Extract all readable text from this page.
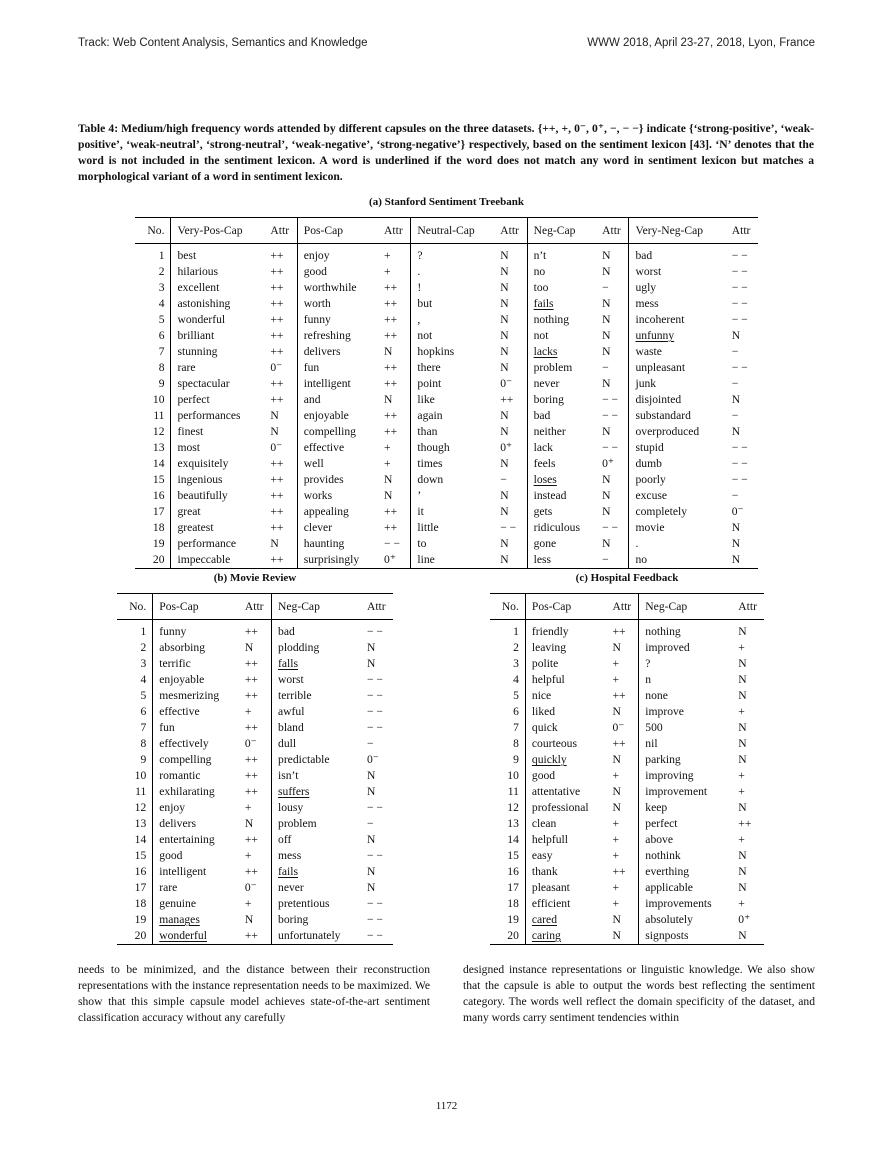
Track: Web Content Analysis, Semantics and Knowledge	WWW 2018, April 23-27, 2018, Lyon, France
Table 4: Medium/high frequency words attended by different capsules on the three datasets. {++, +, 0⁻, 0⁺, −, − −} indicate {‘strong-positive’, ‘weak-positive’, ‘weak-neutral’, ‘strong-neutral’, ‘weak-negative’, ‘strong-negative’} respectively, based on the sentiment lexicon [43]. ‘N’ denotes that the word is not included in the sentiment lexicon. A word is underlined if the word does not match any word in sentiment lexicon but matches a morphological variant of a word in sentiment lexicon.
(a) Stanford Sentiment Treebank
No.	Very-Pos-Cap	Attr	Pos-Cap	Attr	Neutral-Cap	Attr	Neg-Cap	Attr	Very-Neg-Cap	Attr
1	best	++	enjoy	+	?	N	n’t	N	bad	− −
2	hilarious	++	good	+	.	N	no	N	worst	− −
3	excellent	++	worthwhile	++	!	N	too	−	ugly	− −
4	astonishing	++	worth	++	but	N	fails	N	mess	− −
5	wonderful	++	funny	++	,	N	nothing	N	incoherent	− −
6	brilliant	++	refreshing	++	not	N	not	N	unfunny	N
7	stunning	++	delivers	N	hopkins	N	lacks	N	waste	−
8	rare	0⁻	fun	++	there	N	problem	−	unpleasant	− −
9	spectacular	++	intelligent	++	point	0⁻	never	N	junk	−
10	perfect	++	and	N	like	++	boring	− −	disjointed	N
11	performances	N	enjoyable	++	again	N	bad	− −	substandard	−
12	finest	N	compelling	++	than	N	neither	N	overproduced	N
13	most	0⁻	effective	+	though	0⁺	lack	− −	stupid	− −
14	exquisitely	++	well	+	times	N	feels	0⁺	dumb	− −
15	ingenious	++	provides	N	down	−	loses	N	poorly	− −
16	beautifully	++	works	N	’	N	instead	N	excuse	−
17	great	++	appealing	++	it	N	gets	N	completely	0⁻
18	greatest	++	clever	++	little	− −	ridiculous	− −	movie	N
19	performance	N	haunting	− −	to	N	gone	N	.	N
20	impeccable	++	surprisingly	0⁺	line	N	less	−	no	N
(b) Movie Review
No.	Pos-Cap	Attr	Neg-Cap	Attr
1	funny	++	bad	− −
2	absorbing	N	plodding	N
3	terrific	++	falls	N
4	enjoyable	++	worst	− −
5	mesmerizing	++	terrible	− −
6	effective	+	awful	− −
7	fun	++	bland	− −
8	effectively	0⁻	dull	−
9	compelling	++	predictable	0⁻
10	romantic	++	isn’t	N
11	exhilarating	++	suffers	N
12	enjoy	+	lousy	− −
13	delivers	N	problem	−
14	entertaining	++	off	N
15	good	+	mess	− −
16	intelligent	++	fails	N
17	rare	0⁻	never	N
18	genuine	+	pretentious	− −
19	manages	N	boring	− −
20	wonderful	++	unfortunately	− −
(c) Hospital Feedback
No.	Pos-Cap	Attr	Neg-Cap	Attr
1	friendly	++	nothing	N
2	leaving	N	improved	+
3	polite	+	?	N
4	helpful	+	n	N
5	nice	++	none	N
6	liked	N	improve	+
7	quick	0⁻	500	N
8	courteous	++	nil	N
9	quickly	N	parking	N
10	good	+	improving	+
11	attentative	N	improvement	+
12	professional	N	keep	N
13	clean	+	perfect	++
14	helpfull	+	above	+
15	easy	+	nothink	N
16	thank	++	everthing	N
17	pleasant	+	applicable	N
18	efficient	+	improvements	+
19	cared	N	absolutely	0⁺
20	caring	N	signposts	N
needs to be minimized, and the distance between their reconstruction representations with the instance representation needs to be maximized. We show that this simple capsule model achieves state-of-the-art sentiment classification accuracy without any carefully
designed instance representations or linguistic knowledge. We also show that the capsule is able to output the words best reflecting the sentiment category. The words well reflect the domain specificity of the dataset, and many words carry sentiment tendencies within
1172
